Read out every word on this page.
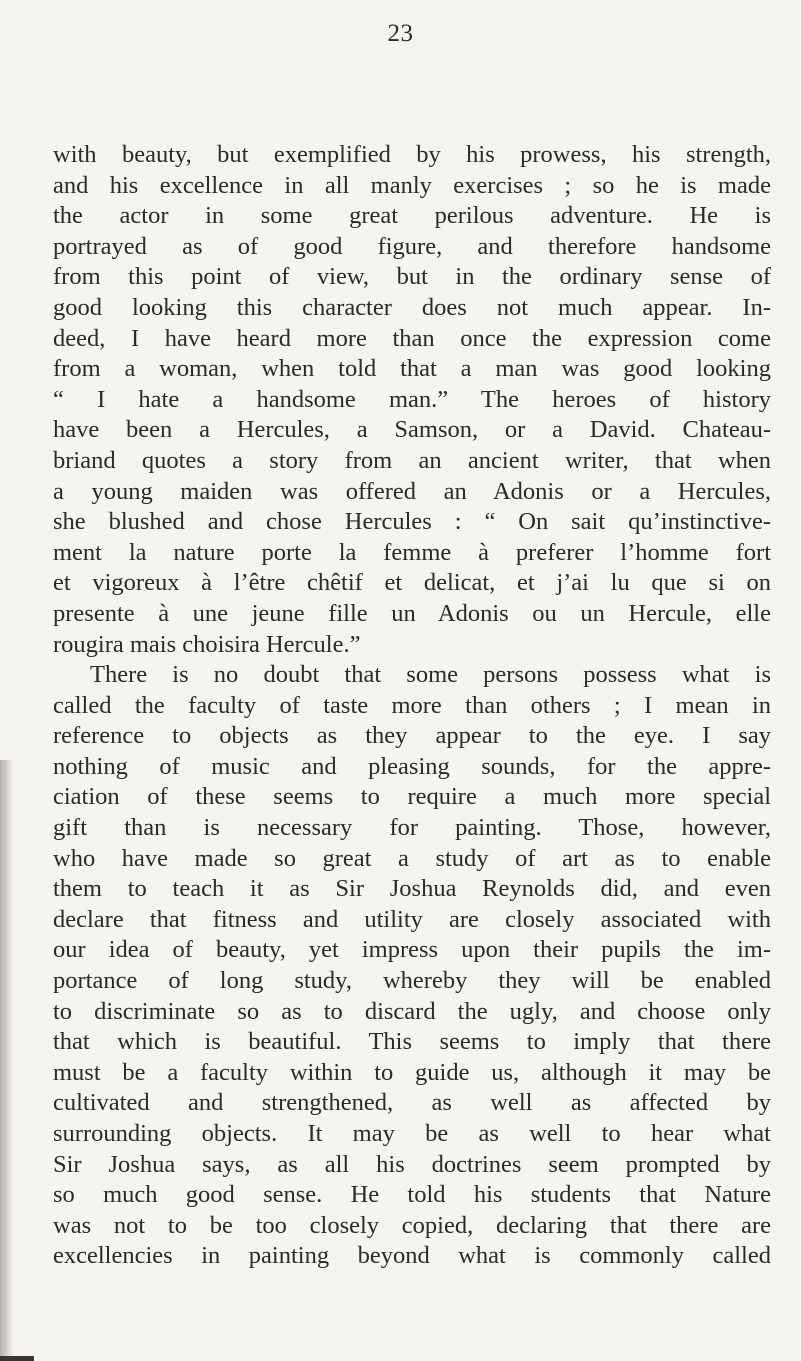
23
with beauty, but exemplified by his prowess, his strength,
and his excellence in all manly exercises ; so he is made
the actor in some great perilous adventure. He is
portrayed as of good figure, and therefore handsome
from this point of view, but in the ordinary sense of
good looking this character does not much appear. In-
deed, I have heard more than once the expression come
from a woman, when told that a man was good looking
“ I hate a handsome man.” The heroes of history
have been a Hercules, a Samson, or a David. Chateau-
briand quotes a story from an ancient writer, that when
a young maiden was offered an Adonis or a Hercules,
she blushed and chose Hercules : “ On sait qu’instinctive-
ment la nature porte la femme à preferer l’homme fort
et vigoreux à l’être chêtif et delicat, et j’ai lu que si on
presente à une jeune fille un Adonis ou un Hercule, elle
rougira mais choisira Hercule.”
There is no doubt that some persons possess what is
called the faculty of taste more than others ; I mean in
reference to objects as they appear to the eye. I say
nothing of music and pleasing sounds, for the appre-
ciation of these seems to require a much more special
gift than is necessary for painting. Those, however,
who have made so great a study of art as to enable
them to teach it as Sir Joshua Reynolds did, and even
declare that fitness and utility are closely associated with
our idea of beauty, yet impress upon their pupils the im-
portance of long study, whereby they will be enabled
to discriminate so as to discard the ugly, and choose only
that which is beautiful. This seems to imply that there
must be a faculty within to guide us, although it may be
cultivated and strengthened, as well as affected by
surrounding objects. It may be as well to hear what
Sir Joshua says, as all his doctrines seem prompted by
so much good sense. He told his students that Nature
was not to be too closely copied, declaring that there are
excellencies in painting beyond what is commonly called
